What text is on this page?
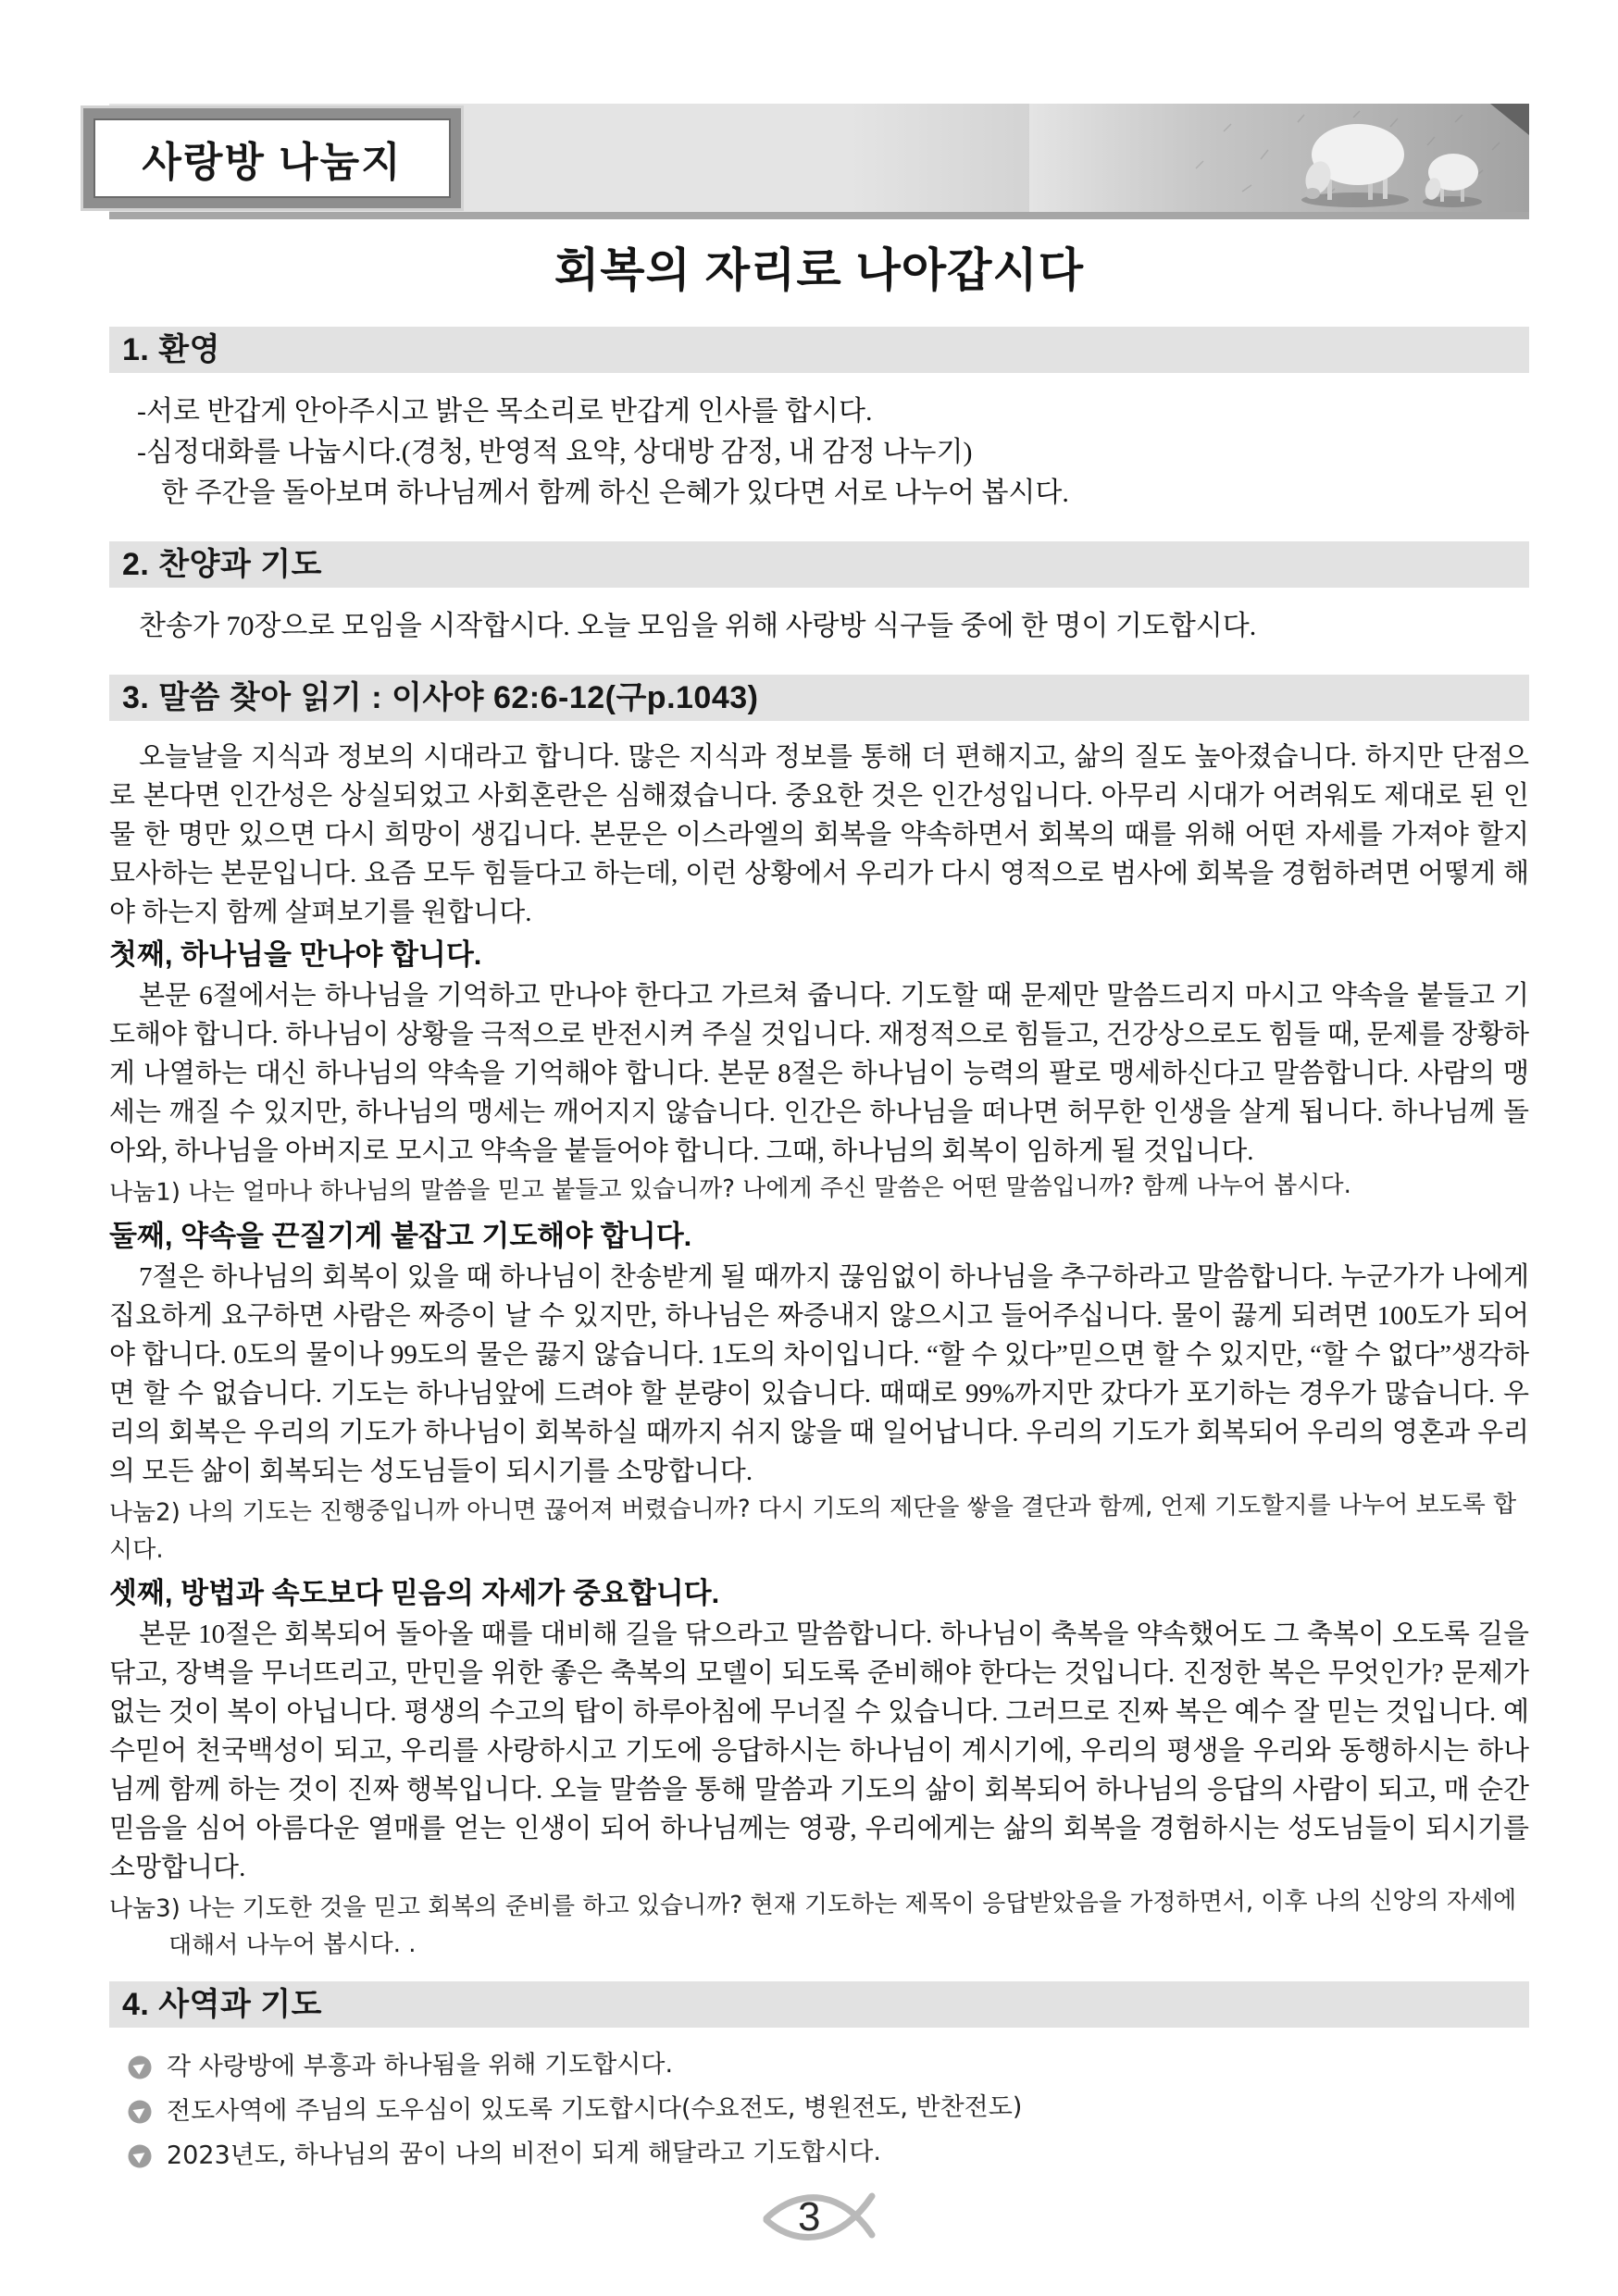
사랑방 나눔지
회복의 자리로 나아갑시다
1. 환영

-서로 반갑게 안아주시고 밝은 목소리로 반갑게 인사를 합시다.

-심정대화를 나눕시다.(경청, 반영적 요약, 상대방 감정, 내 감정 나누기)

한 주간을 돌아보며 하나님께서 함께 하신 은혜가 있다면 서로 나누어 봅시다.

2. 찬양과 기도

찬송가 70장으로 모임을 시작합시다. 오늘 모임을 위해 사랑방 식구들 중에 한 명이 기도합시다.

3. 말씀 찾아 읽기 : 이사야 62:6-12(구p.1043)

오늘날을 지식과 정보의 시대라고 합니다. 많은 지식과 정보를 통해 더 편해지고, 삶의 질도 높아졌습니다. 하지만 단점으로 본다면 인간성은 상실되었고 사회혼란은 심해졌습니다. 중요한 것은 인간성입니다. 아무리 시대가 어려워도 제대로 된 인물 한 명만 있으면 다시 희망이 생깁니다. 본문은 이스라엘의 회복을 약속하면서 회복의 때를 위해 어떤 자세를 가져야 할지 묘사하는 본문입니다. 요즘 모두 힘들다고 하는데, 이런 상황에서 우리가 다시 영적으로 범사에 회복을 경험하려면 어떻게 해야 하는지 함께 살펴보기를 원합니다.

첫째, 하나님을 만나야 합니다.

본문 6절에서는 하나님을 기억하고 만나야 한다고 가르쳐 줍니다. 기도할 때 문제만 말씀드리지 마시고 약속을 붙들고 기도해야 합니다. 하나님이 상황을 극적으로 반전시켜 주실 것입니다. 재정적으로 힘들고, 건강상으로도 힘들 때, 문제를 장황하게 나열하는 대신 하나님의 약속을 기억해야 합니다. 본문 8절은 하나님이 능력의 팔로 맹세하신다고 말씀합니다. 사람의 맹세는 깨질 수 있지만, 하나님의 맹세는 깨어지지 않습니다. 인간은 하나님을 떠나면 허무한 인생을 살게 됩니다. 하나님께 돌아와, 하나님을 아버지로 모시고 약속을 붙들어야 합니다. 그때, 하나님의 회복이 임하게 될 것입니다.

나눔1) 나는 얼마나 하나님의 말씀을 믿고 붙들고 있습니까? 나에게 주신 말씀은 어떤 말씀입니까? 함께 나누어 봅시다.

둘째, 약속을 끈질기게 붙잡고 기도해야 합니다.

7절은 하나님의 회복이 있을 때 하나님이 찬송받게 될 때까지 끊임없이 하나님을 추구하라고 말씀합니다. 누군가가 나에게 집요하게 요구하면 사람은 짜증이 날 수 있지만, 하나님은 짜증내지 않으시고 들어주십니다. 물이 끓게 되려면 100도가 되어야 합니다. 0도의 물이나 99도의 물은 끓지 않습니다. 1도의 차이입니다. “할 수 있다”믿으면 할 수 있지만, “할 수 없다”생각하면 할 수 없습니다. 기도는 하나님앞에 드려야 할 분량이 있습니다. 때때로 99%까지만 갔다가 포기하는 경우가 많습니다. 우리의 회복은 우리의 기도가 하나님이 회복하실 때까지 쉬지 않을 때 일어납니다. 우리의 기도가 회복되어 우리의 영혼과 우리의 모든 삶이 회복되는 성도님들이 되시기를 소망합니다.

나눔2) 나의 기도는 진행중입니까 아니면 끊어져 버렸습니까? 다시 기도의 제단을 쌓을 결단과 함께, 언제 기도할지를 나누어 보도록 합시다.

셋째, 방법과 속도보다 믿음의 자세가 중요합니다.

본문 10절은 회복되어 돌아올 때를 대비해 길을 닦으라고 말씀합니다. 하나님이 축복을 약속했어도 그 축복이 오도록 길을 닦고, 장벽을 무너뜨리고, 만민을 위한 좋은 축복의 모델이 되도록 준비해야 한다는 것입니다. 진정한 복은 무엇인가? 문제가 없는 것이 복이 아닙니다. 평생의 수고의 탑이 하루아침에 무너질 수 있습니다. 그러므로 진짜 복은 예수 잘 믿는 것입니다. 예수믿어 천국백성이 되고, 우리를 사랑하시고 기도에 응답하시는 하나님이 계시기에, 우리의 평생을 우리와 동행하시는 하나님께 함께 하는 것이 진짜 행복입니다. 오늘 말씀을 통해 말씀과 기도의 삶이 회복되어 하나님의 응답의 사람이 되고, 매 순간 믿음을 심어 아름다운 열매를 얻는 인생이 되어 하나님께는 영광, 우리에게는 삶의 회복을 경험하시는 성도님들이 되시기를 소망합니다.

나눔3) 나는 기도한 것을 믿고 회복의 준비를 하고 있습니까? 현재 기도하는 제목이 응답받았음을 가정하면서, 이후 나의 신앙의 자세에 대해서 나누어 봅시다. .

4. 사역과 기도
각 사랑방에 부흥과 하나됨을 위해 기도합시다.
전도사역에 주님의 도우심이 있도록 기도합시다(수요전도, 병원전도, 반찬전도)
2023년도, 하나님의 꿈이 나의 비전이 되게 해달라고 기도합시다.
3
